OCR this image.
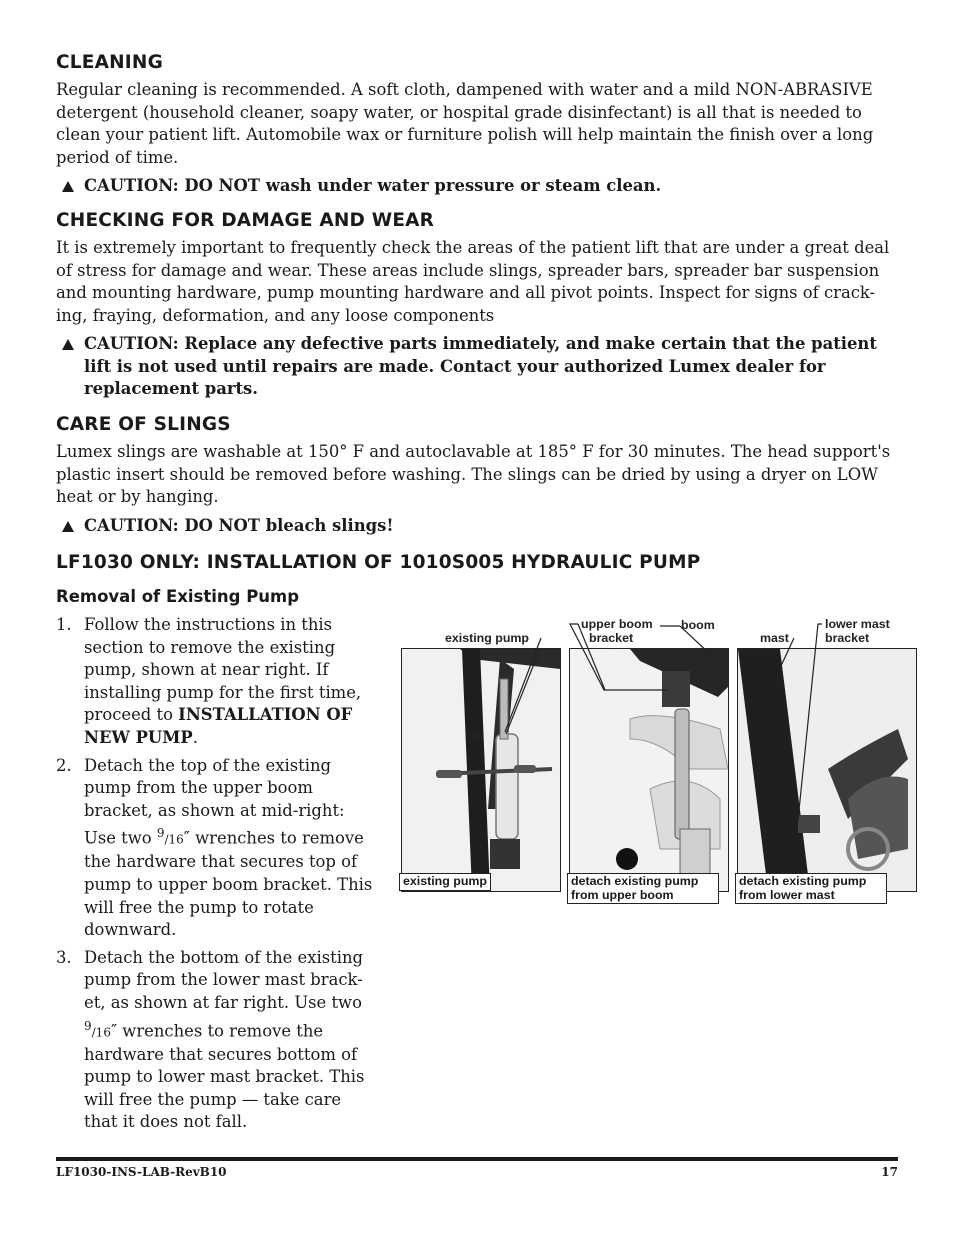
CLEANING

Regular cleaning is recommended. A soft cloth, dampened with water and a mild NON-ABRASIVE detergent (household cleaner, soapy water, or hospital grade disinfectant) is all that is needed to clean your patient lift. Automobile wax or furniture polish will help maintain the finish over a long period of time.

CAUTION: DO NOT wash under water pressure or steam clean.

CHECKING FOR DAMAGE AND WEAR

It is extremely important to frequently check the areas of the patient lift that are under a great deal of stress for damage and wear. These areas include slings, spreader bars, spreader bar suspension and mounting hardware, pump mounting hardware and all pivot points. Inspect for signs of crack-ing, fraying, deformation, and any loose components

CAUTION: Replace any defective parts immediately, and make certain that the patient lift is not used until repairs are made. Contact your authorized Lumex dealer for replacement parts.

CARE OF SLINGS

Lumex slings are washable at 150° F and autoclavable at 185° F for 30 minutes. The head support's plastic insert should be removed before washing. The slings can be dried by using a dryer on LOW heat or by hanging.

CAUTION: DO NOT bleach slings!

LF1030 ONLY: INSTALLATION OF 1010S005 HYDRAULIC PUMP
Removal of Existing Pump
1. Follow the instructions in this section to remove the existing pump, shown at near right. If installing pump for the first time, proceed to INSTALLATION OF NEW PUMP.
2. Detach the top of the existing pump from the upper boom bracket, as shown at mid-right: Use two $^9$/16″ wrenches to remove the hardware that secures top of pump to upper boom bracket. This will free the pump to rotate downward.
3. Detach the bottom of the existing pump from the lower mast brack-et, as shown at far right. Use two $^9$/16″ wrenches to remove the hardware that secures bottom of pump to lower mast bracket. This will free the pump — take care that it does not fall.
existing pump
upper boom
bracket
boom
mast
lower mast
bracket
existing pump	detach existing pump
from upper boom
detach existing pump
from lower mast
LF1030-INS-LAB-RevB10	17
